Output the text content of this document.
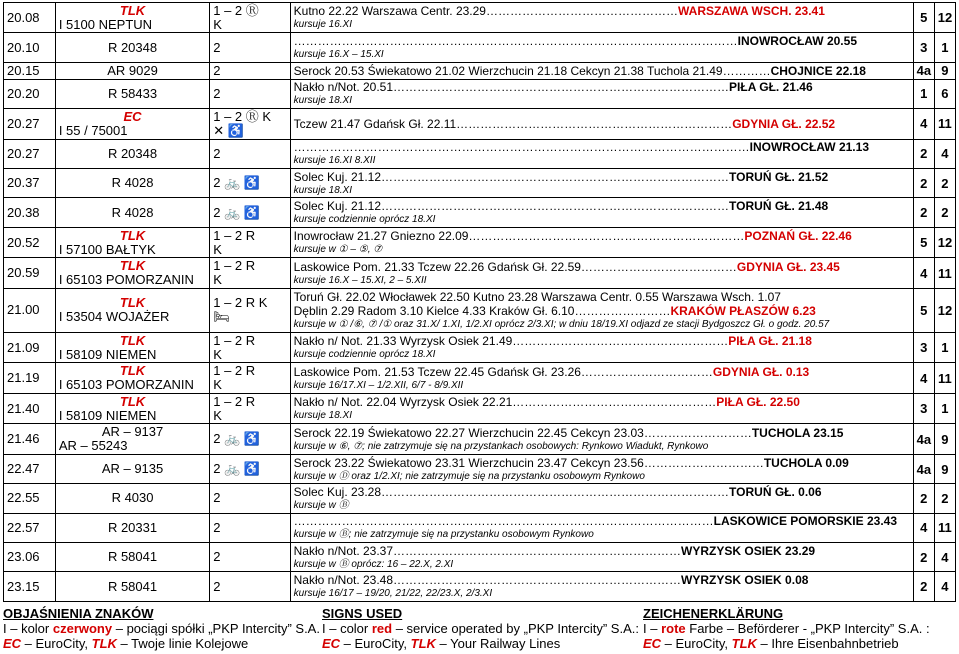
20.08	TLK
I 5100 NEPTUN	1 – 2 Ⓡ
K	Kutno 22.22 Warszawa Centr. 23.29…………………………………………WARSZAWA WSCH. 23.41
kursuje 16.XI	5	12
20.10	R 20348	2	…………………………………………………………………………………………………INOWROCŁAW 20.55
kursuje 16.X – 15.XI	3	1
20.15	AR 9029	2	Serock 20.53 Świekatowo 21.02 Wierzchucin 21.18 Cekcyn 21.38 Tuchola 21.49…………CHOJNICE 22.18	4a	9
20.20	R 58433	2	Nakło n/Not. 20.51…………………………………………………………………………PIŁA GŁ. 21.46
kursuje 18.XI	1	6
20.27	EC
I 55 / 75001	1 – 2 Ⓡ K
✕ ♿	Tczew 21.47 Gdańsk Gł. 22.11……………………………………………………………GDYNIA GŁ. 22.52	4	11
20.27	R 20348	2	……………………………………………………………………………………………………INOWROCŁAW 21.13
kursuje 16.XI 8.XII	2	4
20.37	R 4028	2 🚲 ♿	Solec Kuj. 21.12……………………………………………………………………………TORUŃ GŁ. 21.52
kursuje 18.XI	2	2
20.38	R 4028	2 🚲 ♿	Solec Kuj. 21.12……………………………………………………………………………TORUŃ GŁ. 21.48
kursuje codziennie oprócz 18.XI	2	2
20.52	TLK
I 57100 BAŁTYK	1 – 2 R
K	Inowrocław 21.27 Gniezno 22.09……………………………………………………………POZNAŃ GŁ. 22.46
kursuje w ① – ⑤, ⑦	5	12
20.59	TLK
I 65103 POMORZANIN	1 – 2 R
K	Laskowice Pom. 21.33 Tczew 22.26 Gdańsk Gł. 22.59…………………………………GDYNIA GŁ. 23.45
kursuje 16.X – 15.XI, 2 – 5.XII	4	11
21.00	TLK
I 53504 WOJAŻER	1 – 2 R K
🛏	Toruń Gł. 22.02 Włocławek 22.50 Kutno 23.28 Warszawa Centr. 0.55 Warszawa Wsch. 1.07
Dęblin 2.29 Radom 3.10 Kielce 4.33 Kraków Gł. 6.10……………………KRAKÓW PŁASZÓW 6.23
kursuje w ① /⑥, ⑦ /① oraz 31.X/ 1.XI, 1/2.XI oprócz 2/3.XI; w dniu 18/19.XI odjazd ze stacji Bydgoszcz Gł. o godz. 20.57	5	12
21.09	TLK
I 58109 NIEMEN	1 – 2 R
K	Nakło n/ Not. 21.33 Wyrzysk Osiek 21.49………………………………………………PIŁA GŁ. 21.18
kursuje codziennie oprócz 18.XI	3	1
21.19	TLK
I 65103 POMORZANIN	1 – 2 R
K	Laskowice Pom. 21.53 Tczew 22.45 Gdańsk Gł. 23.26……………………………GDYNIA GŁ. 0.13
kursuje 16/17.XI – 1/2.XII, 6/7 - 8/9.XII	4	11
21.40	TLK
I 58109 NIEMEN	1 – 2 R
K	Nakło n/ Not. 22.04 Wyrzysk Osiek 22.21……………………………………………PIŁA GŁ. 22.50
kursuje 18.XI	3	1
21.46	AR – 9137
AR – 55243	2 🚲 ♿	Serock 22.19 Świekatowo 22.27 Wierzchucin 22.45 Cekcyn 23.03………………………TUCHOLA 23.15
kursuje w ⑥, ⑦; nie zatrzymuje się na przystankach osobowych: Rynkowo Wiadukt, Rynkowo	4a	9
22.47	AR – 9135	2 🚲 ♿	Serock 23.22 Świekatowo 23.31 Wierzchucin 23.47 Cekcyn 23.56…………………………TUCHOLA 0.09
kursuje w Ⓓ oraz 1/2.XI; nie zatrzymuje się na przystanku osobowym Rynkowo	4a	9
22.55	R 4030	2	Solec Kuj. 23.28……………………………………………………………………………TORUŃ GŁ. 0.06
kursuje w Ⓑ	2	2
22.57	R 20331	2	……………………………………………………………………………………………LASKOWICE POMORSKIE 23.43
kursuje w Ⓑ; nie zatrzymuje się na przystanku osobowym Rynkowo	4	11
23.06	R 58041	2	Nakło n/Not. 23.37………………………………………………………………WYRZYSK OSIEK 23.29
kursuje w Ⓑ oprócz: 16 – 22.X, 2.XI	2	4
23.15	R 58041	2	Nakło n/Not. 23.48………………………………………………………………WYRZYSK OSIEK 0.08
kursuje 16/17 – 19/20, 21/22, 22/23.X, 2/3.XI	2	4
OBJAŚNIENIA ZNAKÓW
I – kolor czerwony – pociągi spółki „PKP Intercity” S.A.
EC – EuroCity, TLK – Twoje linie Kolejowe
SIGNS USED
I – color red – service operated by „PKP Intercity” S.A.:
EC – EuroCity, TLK – Your Railway Lines
ZEICHENERKLÄRUNG
I – rote Farbe – Beförderer - „PKP Intercity” S.A. :
EC – EuroCity, TLK – Ihre Eisenbahnbetrieb
